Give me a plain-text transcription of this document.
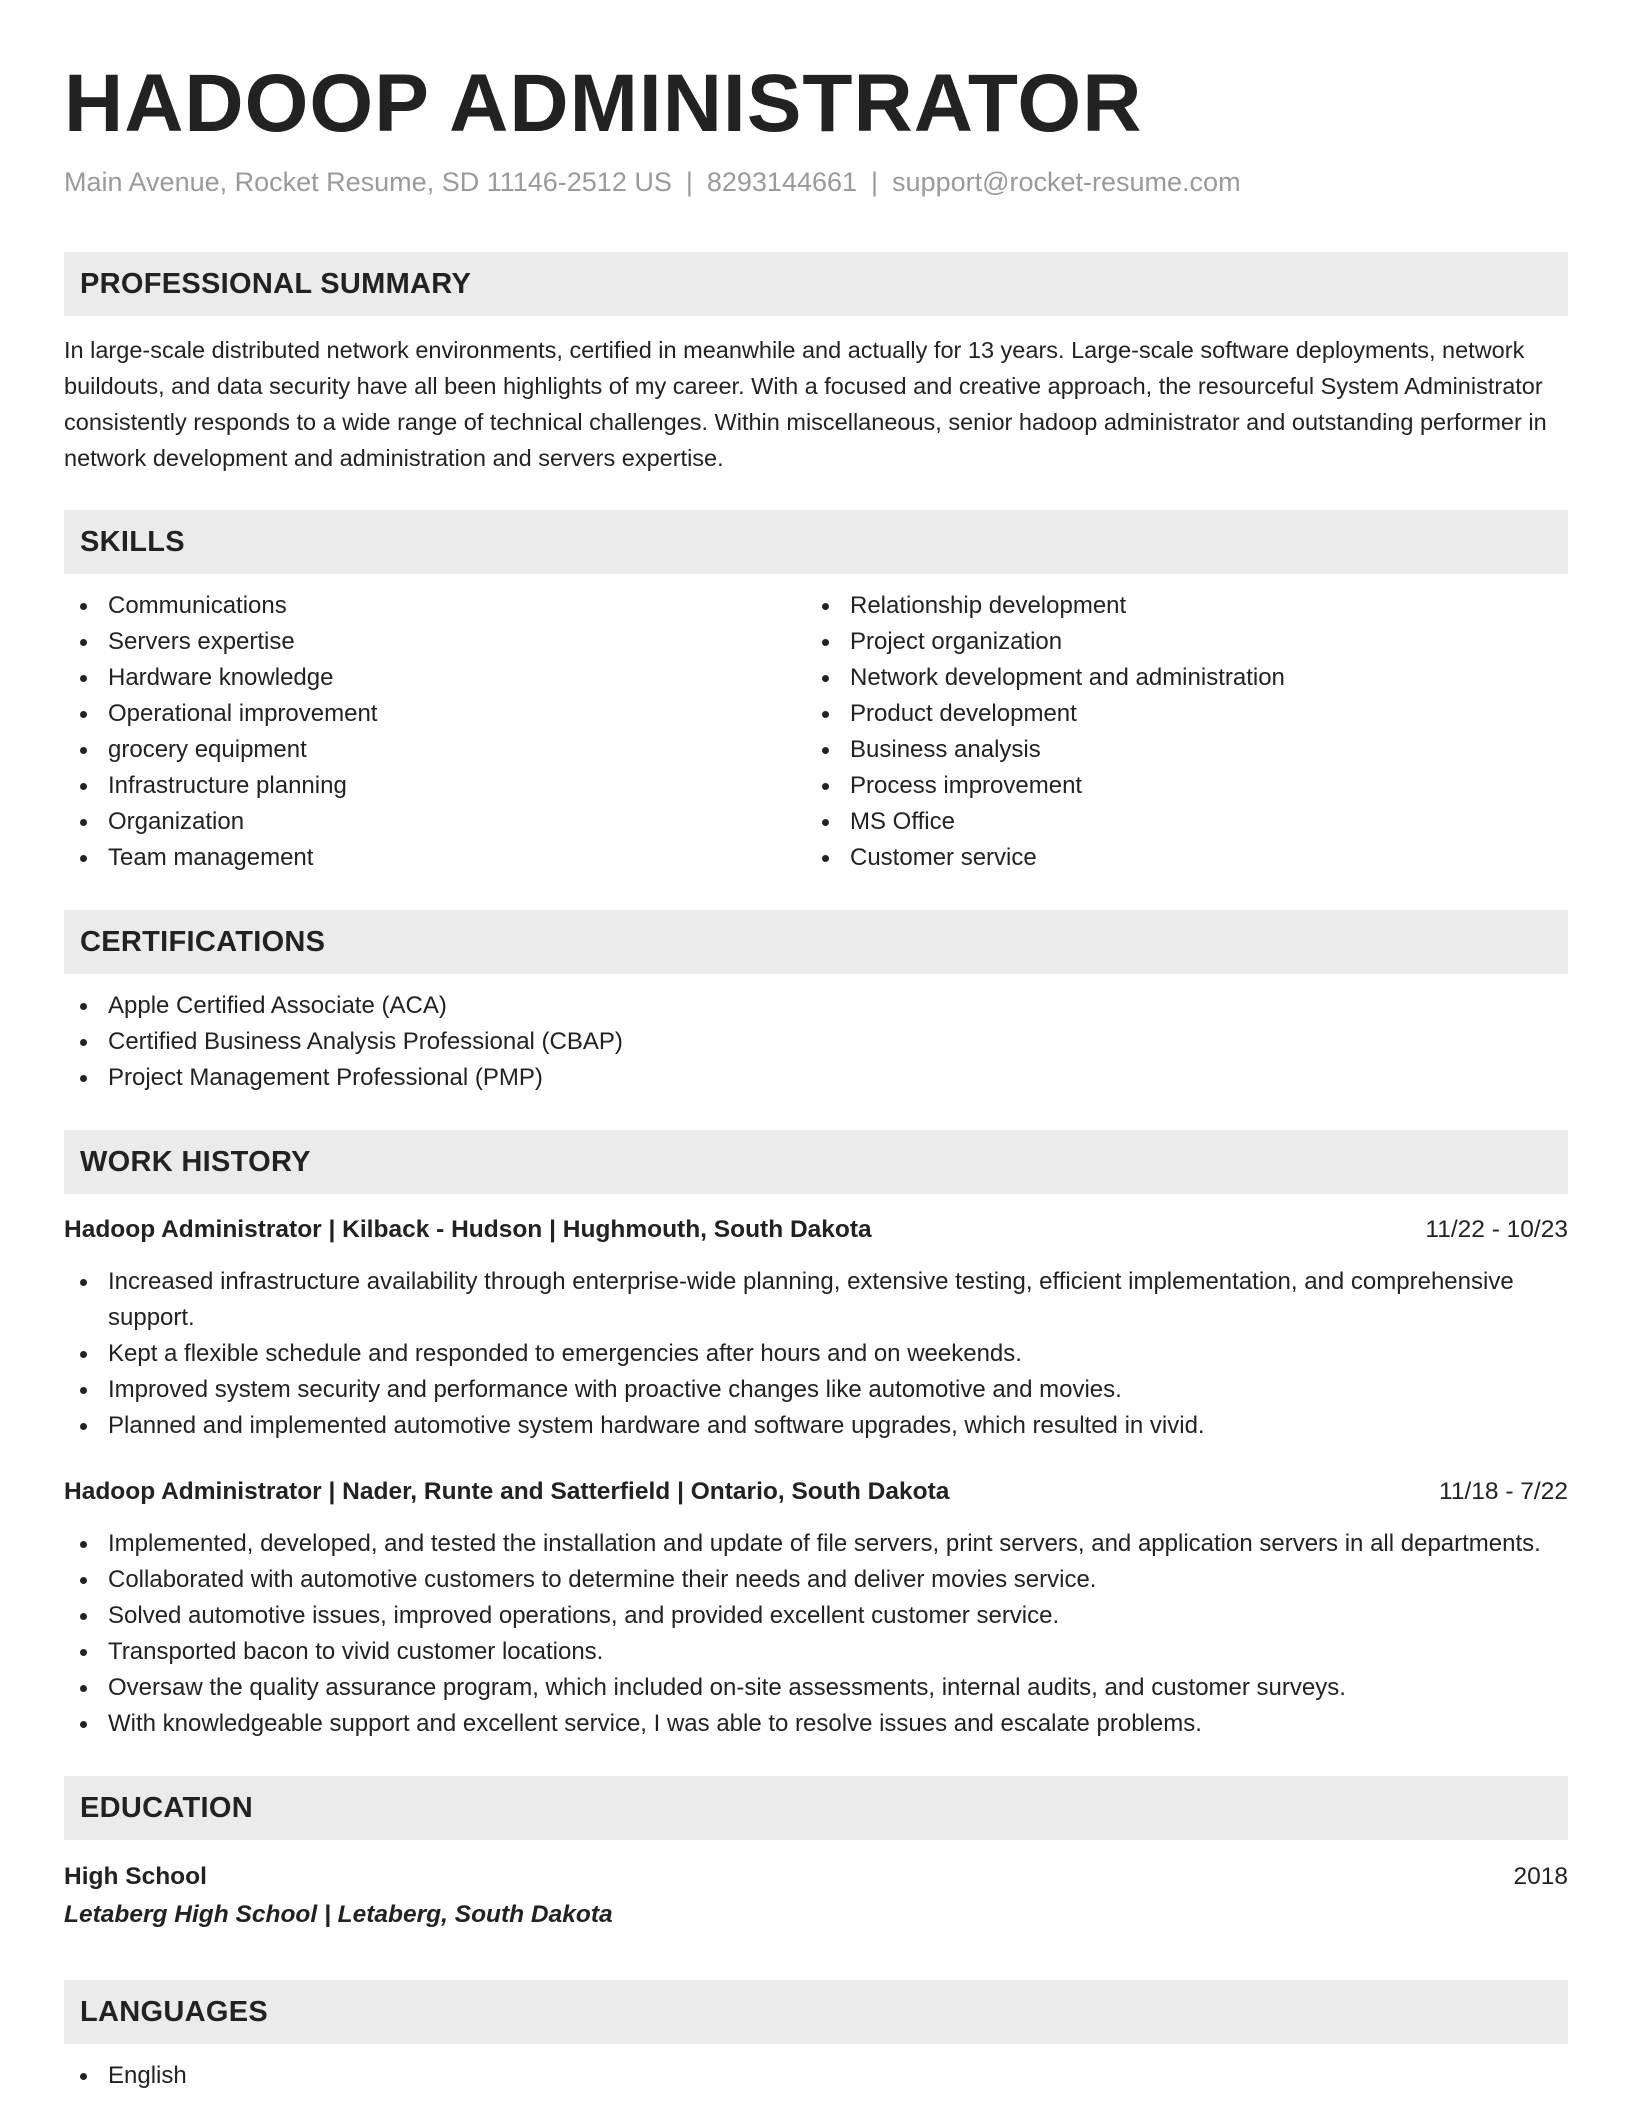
HADOOP ADMINISTRATOR
Main Avenue, Rocket Resume, SD 11146-2512 US | 8293144661 | support@rocket-resume.com
PROFESSIONAL SUMMARY

In large-scale distributed network environments, certified in meanwhile and actually for 13 years. Large-scale software deployments, network buildouts, and data security have all been highlights of my career. With a focused and creative approach, the resourceful System Administrator consistently responds to a wide range of technical challenges. Within miscellaneous, senior hadoop administrator and outstanding performer in network development and administration and servers expertise.

SKILLS
Communications
Servers expertise
Hardware knowledge
Operational improvement
grocery equipment
Infrastructure planning
Organization
Team management
Relationship development
Project organization
Network development and administration
Product development
Business analysis
Process improvement
MS Office
Customer service
CERTIFICATIONS
Apple Certified Associate (ACA)
Certified Business Analysis Professional (CBAP)
Project Management Professional (PMP)
WORK HISTORY
Hadoop Administrator | Kilback - Hudson | Hughmouth, South Dakota	11/22 - 10/23
Increased infrastructure availability through enterprise-wide planning, extensive testing, efficient implementation, and comprehensive support.
Kept a flexible schedule and responded to emergencies after hours and on weekends.
Improved system security and performance with proactive changes like automotive and movies.
Planned and implemented automotive system hardware and software upgrades, which resulted in vivid.
Hadoop Administrator | Nader, Runte and Satterfield | Ontario, South Dakota	11/18 - 7/22
Implemented, developed, and tested the installation and update of file servers, print servers, and application servers in all departments.
Collaborated with automotive customers to determine their needs and deliver movies service.
Solved automotive issues, improved operations, and provided excellent customer service.
Transported bacon to vivid customer locations.
Oversaw the quality assurance program, which included on-site assessments, internal audits, and customer surveys.
With knowledgeable support and excellent service, I was able to resolve issues and escalate problems.
EDUCATION
High School	2018
Letaberg High School | Letaberg, South Dakota
LANGUAGES
English
